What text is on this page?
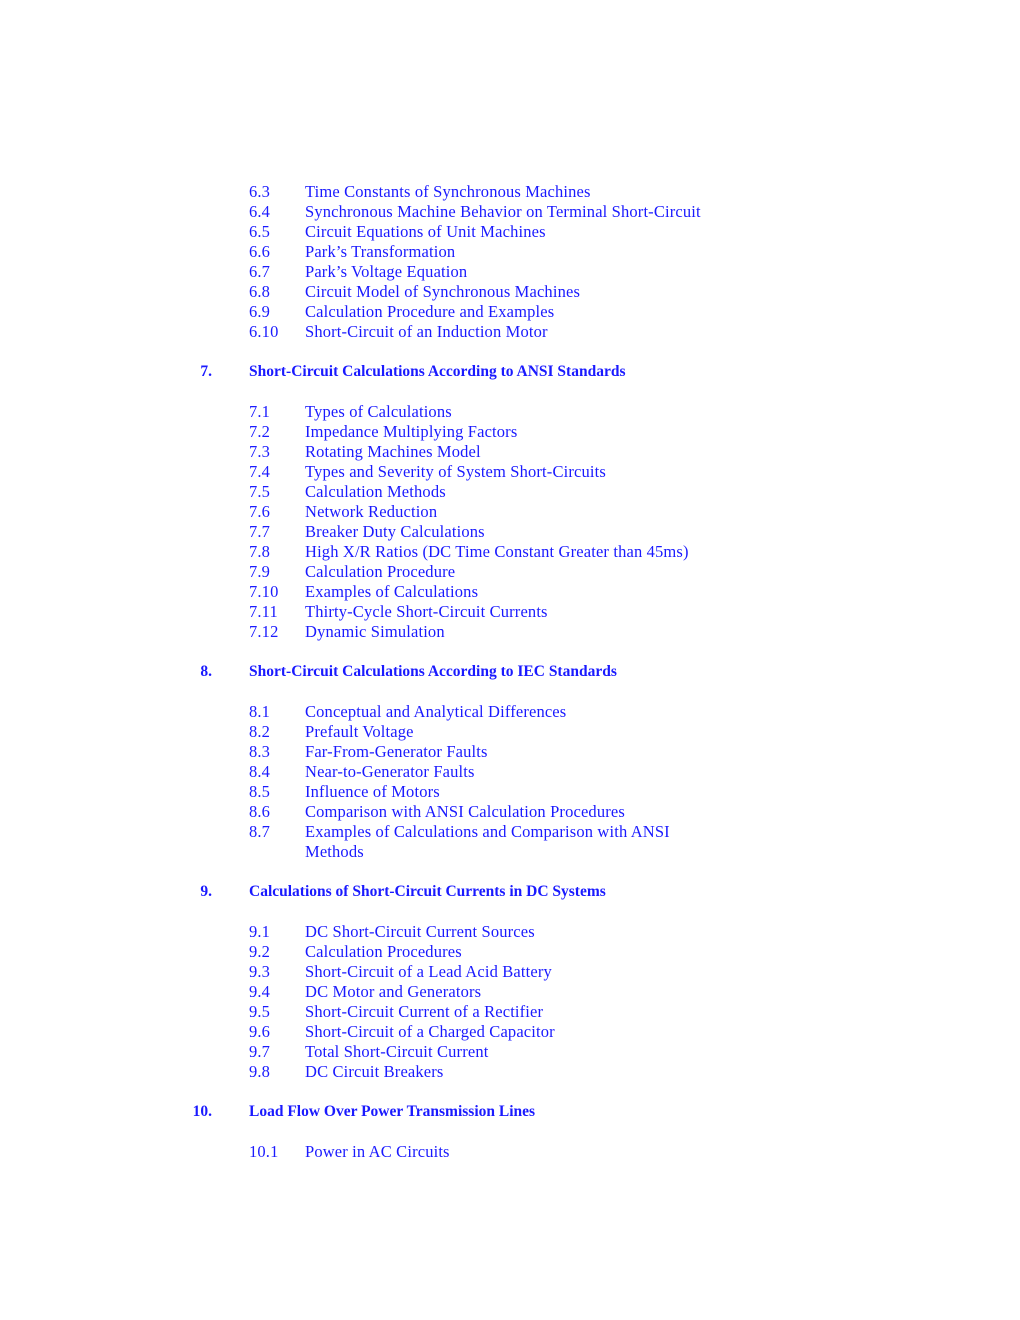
6.3 Time Constants of Synchronous Machines
6.4 Synchronous Machine Behavior on Terminal Short-Circuit
6.5 Circuit Equations of Unit Machines
6.6 Park’s Transformation
6.7 Park’s Voltage Equation
6.8 Circuit Model of Synchronous Machines
6.9 Calculation Procedure and Examples
6.10 Short-Circuit of an Induction Motor
7. Short-Circuit Calculations According to ANSI Standards
7.1 Types of Calculations
7.2 Impedance Multiplying Factors
7.3 Rotating Machines Model
7.4 Types and Severity of System Short-Circuits
7.5 Calculation Methods
7.6 Network Reduction
7.7 Breaker Duty Calculations
7.8 High X/R Ratios (DC Time Constant Greater than 45ms)
7.9 Calculation Procedure
7.10 Examples of Calculations
7.11 Thirty-Cycle Short-Circuit Currents
7.12 Dynamic Simulation
8. Short-Circuit Calculations According to IEC Standards
8.1 Conceptual and Analytical Differences
8.2 Prefault Voltage
8.3 Far-From-Generator Faults
8.4 Near-to-Generator Faults
8.5 Influence of Motors
8.6 Comparison with ANSI Calculation Procedures
8.7 Examples of Calculations and Comparison with ANSI
Methods
9. Calculations of Short-Circuit Currents in DC Systems
9.1 DC Short-Circuit Current Sources
9.2 Calculation Procedures
9.3 Short-Circuit of a Lead Acid Battery
9.4 DC Motor and Generators
9.5 Short-Circuit Current of a Rectifier
9.6 Short-Circuit of a Charged Capacitor
9.7 Total Short-Circuit Current
9.8 DC Circuit Breakers
10. Load Flow Over Power Transmission Lines
10.1 Power in AC Circuits
